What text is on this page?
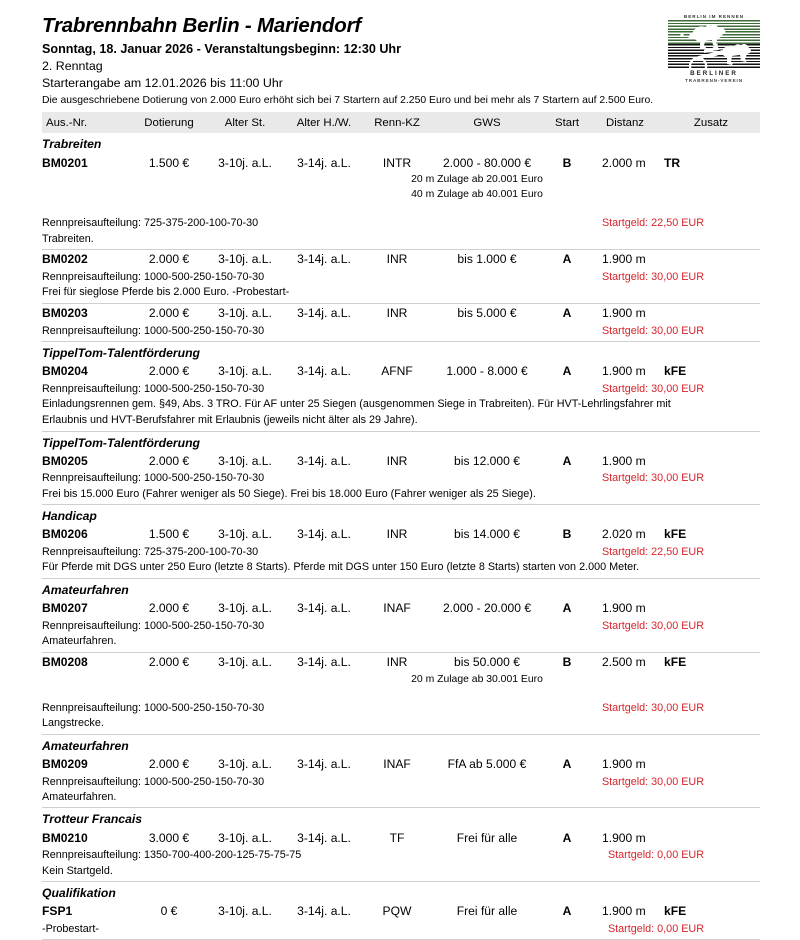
BERLIN IM RENNEN
BERLINER
TRABRENN-VEREIN
Trabrennbahn Berlin - Mariendorf
Sonntag, 18. Januar 2026 - Veranstaltungsbeginn: 12:30 Uhr
2. Renntag
Starterangabe am 12.01.2026 bis 11:00 Uhr
Die ausgeschriebene Dotierung von 2.000 Euro erhöht sich bei 7 Startern auf 2.250 Euro und bei mehr als 7 Startern auf 2.500 Euro.
Aus.-Nr.	Dotierung	Alter St.	Alter H./W.	Renn-KZ	GWS	Start	Distanz	Zusatz
Trabreiten
BM0201	1.500 €	3-10j. a.L.	3-14j. a.L.	INTR	2.000 - 80.000 €	B	2.000 m	TR
20 m Zulage ab 20.001 Euro
40 m Zulage ab 40.001 Euro
Rennpreisaufteilung: 725-375-200-100-70-30	Startgeld: 22,50 EUR
Trabreiten.
BM0202	2.000 €	3-10j. a.L.	3-14j. a.L.	INR	bis 1.000 €	A	1.900 m
Rennpreisaufteilung: 1000-500-250-150-70-30	Startgeld: 30,00 EUR
Frei für sieglose Pferde bis 2.000 Euro. -Probestart-
BM0203	2.000 €	3-10j. a.L.	3-14j. a.L.	INR	bis 5.000 €	A	1.900 m
Rennpreisaufteilung: 1000-500-250-150-70-30	Startgeld: 30,00 EUR
TippelTom-Talentförderung
BM0204	2.000 €	3-10j. a.L.	3-14j. a.L.	AFNF	1.000 - 8.000 €	A	1.900 m	kFE
Rennpreisaufteilung: 1000-500-250-150-70-30	Startgeld: 30,00 EUR
Einladungsrennen gem. §49, Abs. 3 TRO. Für AF unter 25 Siegen (ausgenommen Siege in Trabreiten). Für HVT-Lehrlingsfahrer mit
Erlaubnis und HVT-Berufsfahrer mit Erlaubnis (jeweils nicht älter als 29 Jahre).
TippelTom-Talentförderung
BM0205	2.000 €	3-10j. a.L.	3-14j. a.L.	INR	bis 12.000 €	A	1.900 m
Rennpreisaufteilung: 1000-500-250-150-70-30	Startgeld: 30,00 EUR
Frei bis 15.000 Euro (Fahrer weniger als 50 Siege). Frei bis 18.000 Euro (Fahrer weniger als 25 Siege).
Handicap
BM0206	1.500 €	3-10j. a.L.	3-14j. a.L.	INR	bis 14.000 €	B	2.020 m	kFE
Rennpreisaufteilung: 725-375-200-100-70-30	Startgeld: 22,50 EUR
Für Pferde mit DGS unter 250 Euro (letzte 8 Starts). Pferde mit DGS unter 150 Euro (letzte 8 Starts) starten von 2.000 Meter.
Amateurfahren
BM0207	2.000 €	3-10j. a.L.	3-14j. a.L.	INAF	2.000 - 20.000 €	A	1.900 m
Rennpreisaufteilung: 1000-500-250-150-70-30	Startgeld: 30,00 EUR
Amateurfahren.
BM0208	2.000 €	3-10j. a.L.	3-14j. a.L.	INR	bis 50.000 €	B	2.500 m	kFE
20 m Zulage ab 30.001 Euro
Rennpreisaufteilung: 1000-500-250-150-70-30	Startgeld: 30,00 EUR
Langstrecke.
Amateurfahren
BM0209	2.000 €	3-10j. a.L.	3-14j. a.L.	INAF	FfA ab 5.000 €	A	1.900 m
Rennpreisaufteilung: 1000-500-250-150-70-30	Startgeld: 30,00 EUR
Amateurfahren.
Trotteur Francais
BM0210	3.000 €	3-10j. a.L.	3-14j. a.L.	TF	Frei für alle	A	1.900 m
Rennpreisaufteilung: 1350-700-400-200-125-75-75-75	Startgeld: 0,00 EUR
Kein Startgeld.
Qualifikation
FSP1	0 €	3-10j. a.L.	3-14j. a.L.	PQW	Frei für alle	A	1.900 m	kFE
-Probestart-	Startgeld: 0,00 EUR
